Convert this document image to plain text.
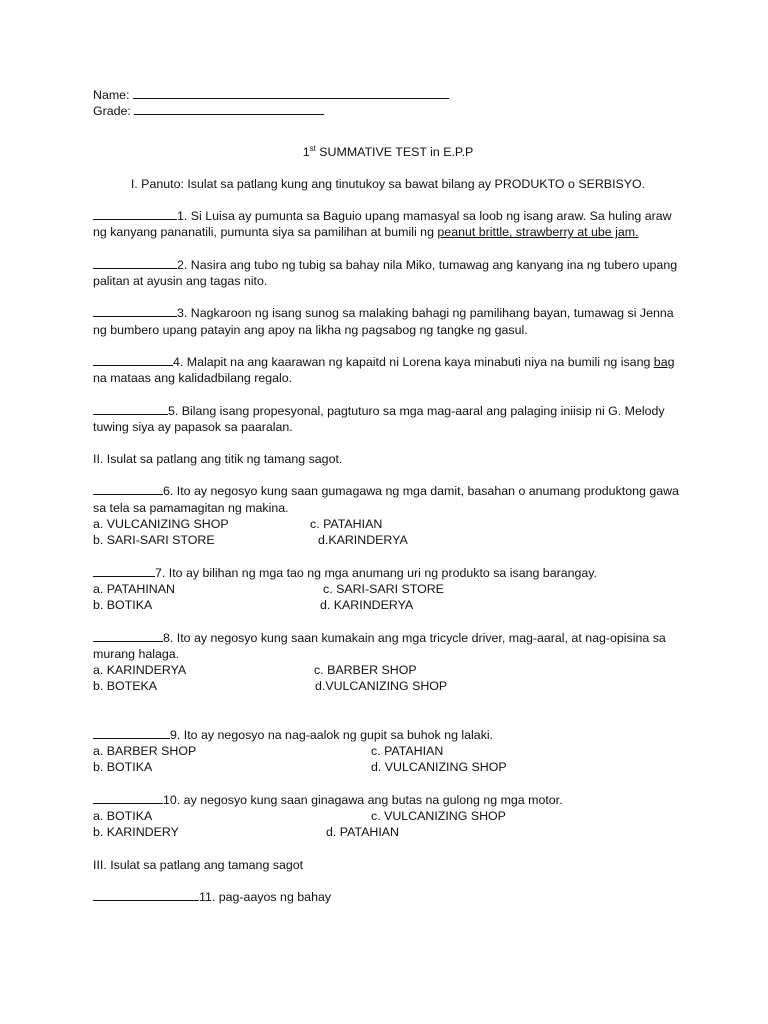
Name:
Grade:
1st SUMMATIVE TEST in E.P.P
I. Panuto: Isulat sa patlang kung ang tinutukoy sa bawat bilang ay PRODUKTO o SERBISYO.
1. Si Luisa ay pumunta sa Baguio upang mamasyal sa loob ng isang araw. Sa huling araw ng kanyang pananatili, pumunta siya sa pamilihan at bumili ng peanut brittle, strawberry at ube jam.
2. Nasira ang tubo ng tubig sa bahay nila Miko, tumawag ang kanyang ina ng tubero upang palitan at ayusin ang tagas nito.
3. Nagkaroon ng isang sunog sa malaking bahagi ng pamilihang bayan, tumawag si Jenna ng bumbero upang patayin ang apoy na likha ng pagsabog ng tangke ng gasul.
4. Malapit na ang kaarawan ng kapaitd ni Lorena kaya minabuti niya na bumili ng isang bag na mataas ang kalidadbilang regalo.
5. Bilang isang propesyonal, pagtuturo sa mga mag-aaral ang palaging iniisip ni G. Melody tuwing siya ay papasok sa paaralan.
II. Isulat sa patlang ang titik ng tamang sagot.
6. Ito ay negosyo kung saan gumagawa ng mga damit, basahan o anumang produktong gawa sa tela sa pamamagitan ng makina.
a. VULCANIZING SHOP	c. PATAHIAN
b. SARI-SARI STORE	d.KARINDERYA
7. Ito ay bilihan ng mga tao ng mga anumang uri ng produkto sa isang barangay.
a. PATAHINAN	c. SARI-SARI STORE
b. BOTIKA	d. KARINDERYA
8. Ito ay negosyo kung saan kumakain ang mga tricycle driver, mag-aaral, at nag-opisina sa murang halaga.
a. KARINDERYA	c. BARBER SHOP
b. BOTEKA	d.VULCANIZING SHOP
9. Ito ay negosyo na nag-aalok ng gupit sa buhok ng lalaki.
a. BARBER SHOP	c. PATAHIAN
b. BOTIKA	d. VULCANIZING SHOP
10. ay negosyo kung saan ginagawa ang butas na gulong ng mga motor.
a. BOTIKA	c. VULCANIZING SHOP
b. KARINDERY	d. PATAHIAN
III. Isulat sa patlang ang tamang sagot
11. pag-aayos ng bahay
